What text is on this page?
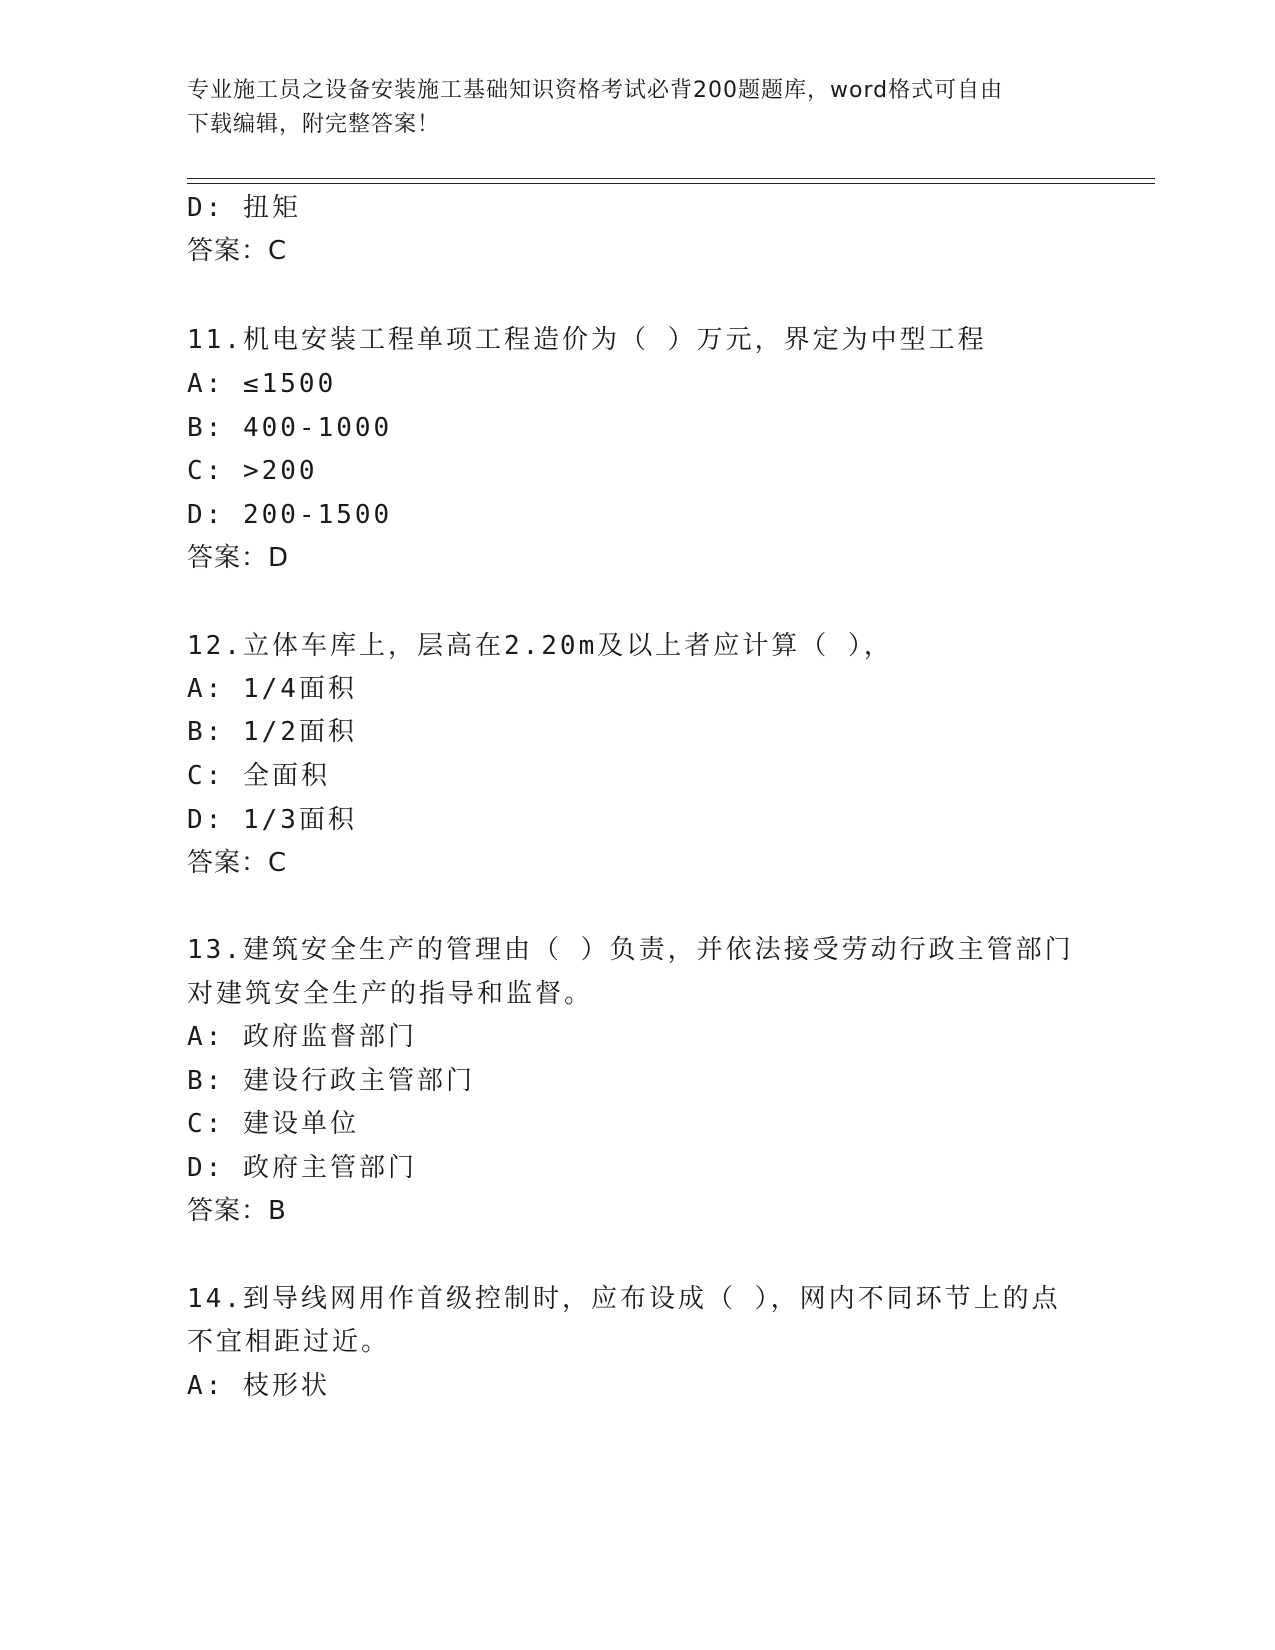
专业施工员之设备安装施工基础知识资格考试必背200题题库，word格式可自由
下载编辑，附完整答案！
D: 扭矩
答案：C
11.机电安装工程单项工程造价为（ ）万元，界定为中型工程
A: ≤1500
B: 400-1000
C: >200
D: 200-1500
答案：D
12.立体车库上，层高在2.20m及以上者应计算（ ），
A: 1/4面积
B: 1/2面积
C: 全面积
D: 1/3面积
答案：C
13.建筑安全生产的管理由（ ）负责，并依法接受劳动行政主管部门
对建筑安全生产的指导和监督。
A: 政府监督部门
B: 建设行政主管部门
C: 建设单位
D: 政府主管部门
答案：B
14.到导线网用作首级控制时，应布设成（ ），网内不同环节上的点
不宜相距过近。
A: 枝形状
